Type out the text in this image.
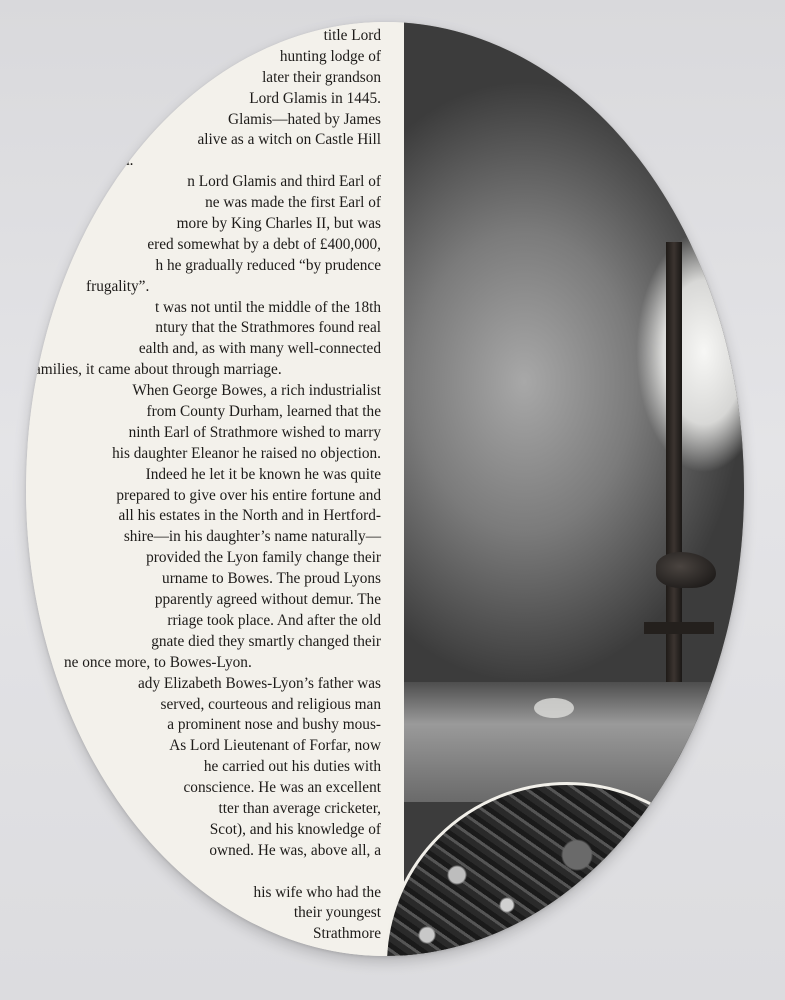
title Lord
hunting lodge of
later their grandson
Lord Glamis in 1445.
Glamis—hated by James
alive as a witch on Castle Hill
n.
n Lord Glamis and third Earl of
ne was made the first Earl of
more by King Charles II, but was
ered somewhat by a debt of £400,000,
h he gradually reduced “by prudence
frugality”.
t was not until the middle of the 18th
ntury that the Strathmores found real
ealth and, as with many well-connected
amilies, it came about through marriage.
When George Bowes, a rich industrialist
from County Durham, learned that the
ninth Earl of Strathmore wished to marry
his daughter Eleanor he raised no objection.
Indeed he let it be known he was quite
prepared to give over his entire fortune and
all his estates in the North and in Hertford-
shire—in his daughter’s name naturally—
provided the Lyon family change their
urname to Bowes. The proud Lyons
pparently agreed without demur. The
rriage took place. And after the old
gnate died they smartly changed their
ne once more, to Bowes-Lyon.
ady Elizabeth Bowes-Lyon’s father was
served, courteous and religious man
a prominent nose and bushy mous-
As Lord Lieutenant of Forfar, now
he carried out his duties with
conscience. He was an excellent
tter than average cricketer,
Scot), and his knowledge of
owned. He was, above all, a
his wife who had the
their youngest
Strathmore
